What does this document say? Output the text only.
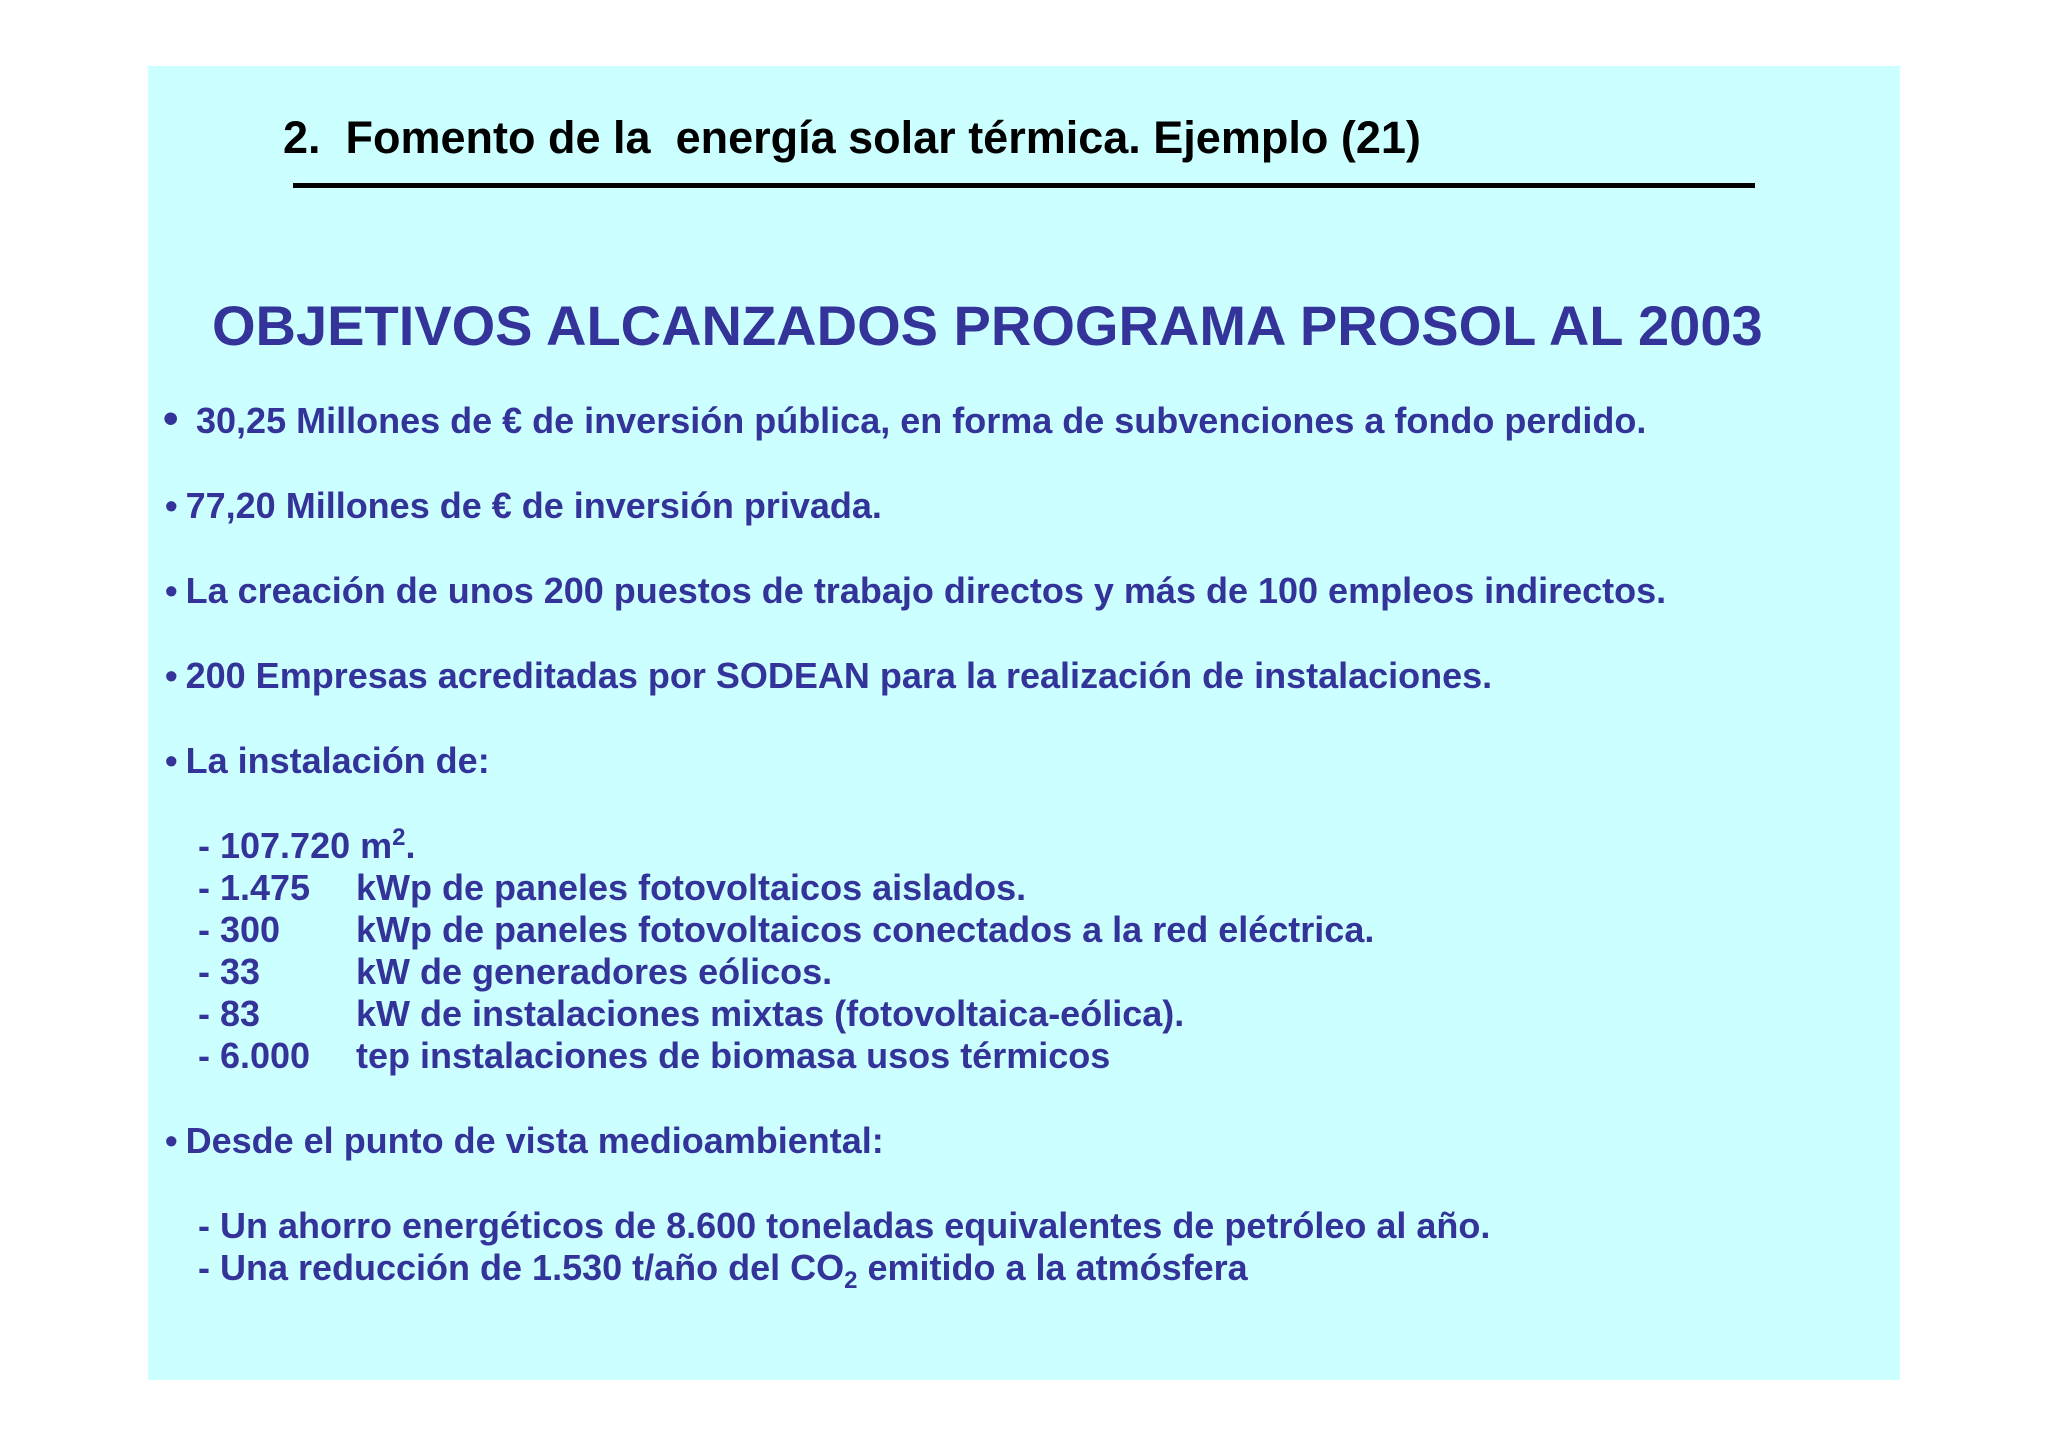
2.  Fomento de la  energía solar térmica. Ejemplo (21)
OBJETIVOS ALCANZADOS PROGRAMA PROSOL AL 2003
• 30,25 Millones de € de inversión pública, en forma de subvenciones a fondo perdido.
• 77,20 Millones de € de inversión privada.
• La creación de unos 200 puestos de trabajo directos y más de 100 empleos indirectos.
• 200 Empresas acreditadas por SODEAN para la realización de instalaciones.
• La instalación de:
- 107.720 $m^2$.
- 1.475 kWp de paneles fotovoltaicos aislados.
- 300 kWp de paneles fotovoltaicos conectados a la red eléctrica.
- 33	kW de generadores eólicos.
- 83	kW de instalaciones mixtas (fotovoltaica-eólica).
- 6.000 tep instalaciones de biomasa usos térmicos
• Desde el punto de vista medioambiental:
- Un ahorro energéticos de 8.600 toneladas equivalentes de petróleo al año.
- Una reducción de 1.530 t/año del $CO_2$ emitido a la atmósfera
